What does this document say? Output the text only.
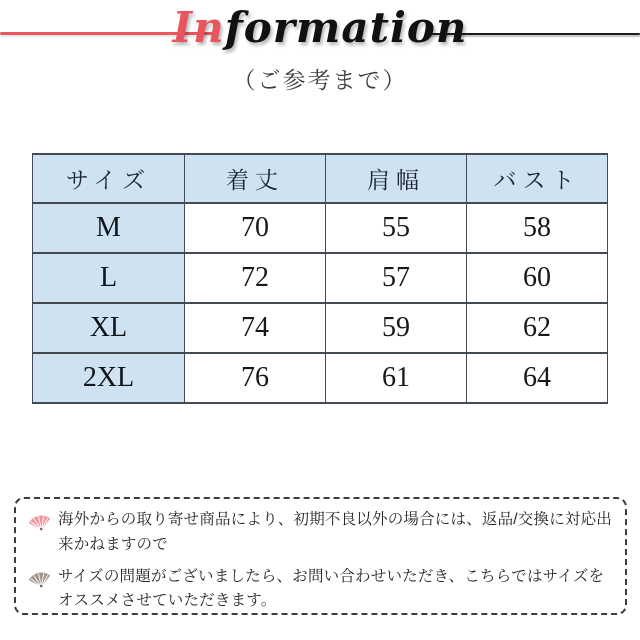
Information
（ご参考まで）
サイズ	着丈	肩幅	バスト
M	70	55	58
L	72	57	60
XL	74	59	62
2XL	76	61	64
海外からの取り寄せ商品により、初期不良以外の場合には、返品/交換に対応出来かねますので
サイズの問題がございましたら、お問い合わせいただき、こちらではサイズをオススメさせていただきます。
